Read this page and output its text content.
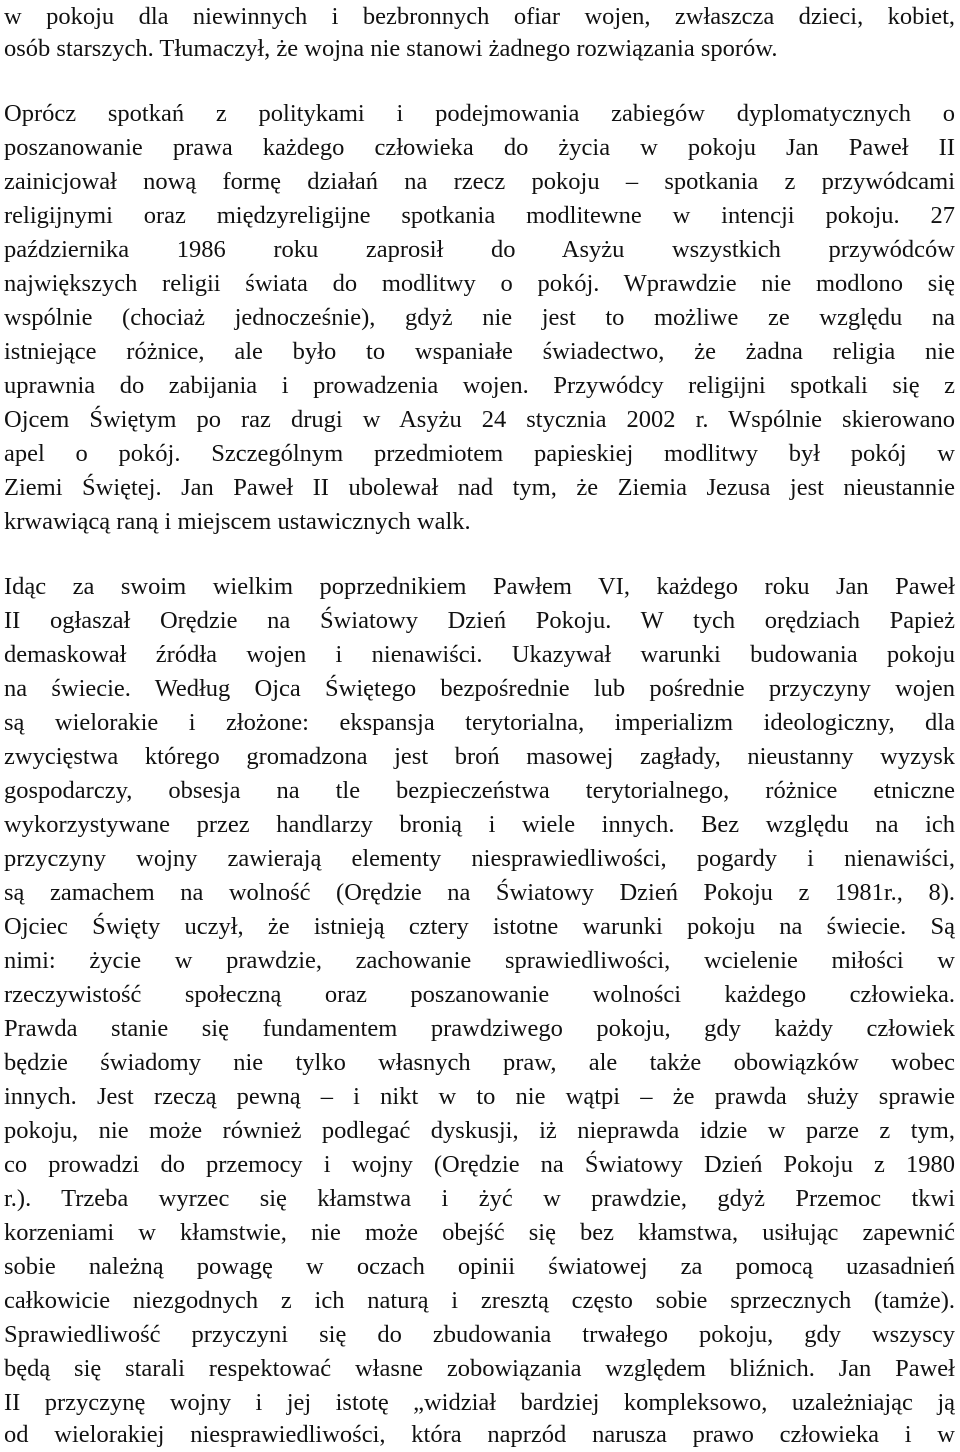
w pokoju dla niewinnych i bezbronnych ofiar wojen, zwłaszcza dzieci, kobiet,
osób starszych. Tłumaczył, że wojna nie stanowi żadnego rozwiązania sporów.
Oprócz spotkań z politykami i podejmowania zabiegów dyplomatycznych o
poszanowanie prawa każdego człowieka do życia w pokoju Jan Paweł II
zainicjował nową formę działań na rzecz pokoju – spotkania z przywódcami
religijnymi oraz międzyreligijne spotkania modlitewne w intencji pokoju. 27
października 1986 roku zaprosił do Asyżu wszystkich przywódców
największych religii świata do modlitwy o pokój. Wprawdzie nie modlono się
wspólnie (chociaż jednocześnie), gdyż nie jest to możliwe ze względu na
istniejące różnice, ale było to wspaniałe świadectwo, że żadna religia nie
uprawnia do zabijania i prowadzenia wojen. Przywódcy religijni spotkali się z
Ojcem Świętym po raz drugi w Asyżu 24 stycznia 2002 r. Wspólnie skierowano
apel o pokój. Szczególnym przedmiotem papieskiej modlitwy był pokój w
Ziemi Świętej. Jan Paweł II ubolewał nad tym, że Ziemia Jezusa jest nieustannie
krwawiącą raną i miejscem ustawicznych walk.
Idąc za swoim wielkim poprzednikiem Pawłem VI, każdego roku Jan Paweł
II ogłaszał Orędzie na Światowy Dzień Pokoju. W tych orędziach Papież
demaskował źródła wojen i nienawiści. Ukazywał warunki budowania pokoju
na świecie. Według Ojca Świętego bezpośrednie lub pośrednie przyczyny wojen
są wielorakie i złożone: ekspansja terytorialna, imperializm ideologiczny, dla
zwycięstwa którego gromadzona jest broń masowej zagłady, nieustanny wyzysk
gospodarczy, obsesja na tle bezpieczeństwa terytorialnego, różnice etniczne
wykorzystywane przez handlarzy bronią i wiele innych. Bez względu na ich
przyczyny wojny zawierają elementy niesprawiedliwości, pogardy i nienawiści,
są zamachem na wolność (Orędzie na Światowy Dzień Pokoju z 1981r., 8).
Ojciec Święty uczył, że istnieją cztery istotne warunki pokoju na świecie. Są
nimi: życie w prawdzie, zachowanie sprawiedliwości, wcielenie miłości w
rzeczywistość społeczną oraz poszanowanie wolności każdego człowieka.
Prawda stanie się fundamentem prawdziwego pokoju, gdy każdy człowiek
będzie świadomy nie tylko własnych praw, ale także obowiązków wobec
innych. Jest rzeczą pewną – i nikt w to nie wątpi – że prawda służy sprawie
pokoju, nie może również podlegać dyskusji, iż nieprawda idzie w parze z tym,
co prowadzi do przemocy i wojny (Orędzie na Światowy Dzień Pokoju z 1980
r.). Trzeba wyrzec się kłamstwa i żyć w prawdzie, gdyż Przemoc tkwi
korzeniami w kłamstwie, nie może obejść się bez kłamstwa, usiłując zapewnić
sobie należną powagę w oczach opinii światowej za pomocą uzasadnień
całkowicie niezgodnych z ich naturą i zresztą często sobie sprzecznych (tamże).
Sprawiedliwość przyczyni się do zbudowania trwałego pokoju, gdy wszyscy
będą się starali respektować własne zobowiązania względem bliźnich. Jan Paweł
II przyczynę wojny i jej istotę „widział bardziej kompleksowo, uzależniając ją
od wielorakiej niesprawiedliwości, która naprzód narusza prawo człowieka i w
